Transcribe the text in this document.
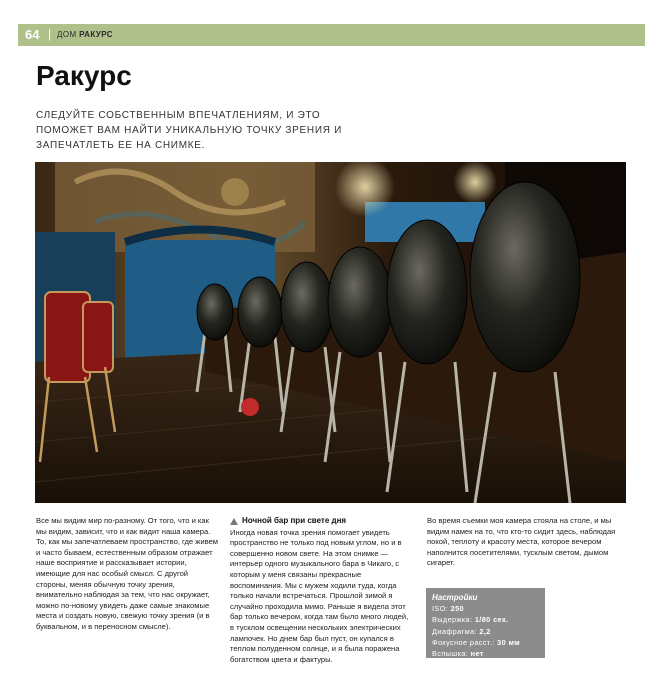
64 | ДОМ РАКУРС
Ракурс

СЛЕДУЙТЕ СОБСТВЕННЫМ ВПЕЧАТЛЕНИЯМ, И ЭТО ПОМОЖЕТ ВАМ НАЙТИ УНИКАЛЬНУЮ ТОЧКУ ЗРЕНИЯ И ЗАПЕЧАТЛЕТЬ ЕЕ НА СНИМКЕ.

Все мы видим мир по-разному. От того, что и как мы видим, зависит, что и как видит наша камера. То, как мы запечатлеваем пространство, где живем и часто бываем, естественным образом отражает наше восприятие и рассказывает истории, имеющие для нас особый смысл. С другой стороны, меняя обычную точку зрения, внимательно наблюдая за тем, что нас окружает, можно по-новому увидеть даже самые знакомые места и создать новую, свежую точку зрения (и в буквальном, и в переносном смысле).

Ночной бар при свете дня

Иногда новая точка зрения помогает увидеть пространство не только под новым углом, но и в совершенно новом свете. На этом снимке — интерьер одного музыкального бара в Чикаго, с которым у меня связаны прекрасные воспоминания. Мы с мужем ходили туда, когда только начали встречаться. Прошлой зимой я случайно проходила мимо. Раньше я видела этот бар только вечером, когда там было много людей, в тусклом освещении нескольких электрических лампочек. Но днем бар был пуст, он купался в теплом полуденном солнце, и я была поражена богатством цвета и фактуры.

Во время съемки моя камера стояла на столе, и мы видим намек на то, что кто-то сидит здесь, наблюдая покой, теплоту и красоту места, которое вечером наполнится посетителями, тусклым светом, дымом сигарет.

Настройки
ISO: 250
Выдержка: 1/80 сек.
Диафрагма: 2,2
Фокусное расст.: 30 мм
Вспышка: нет
